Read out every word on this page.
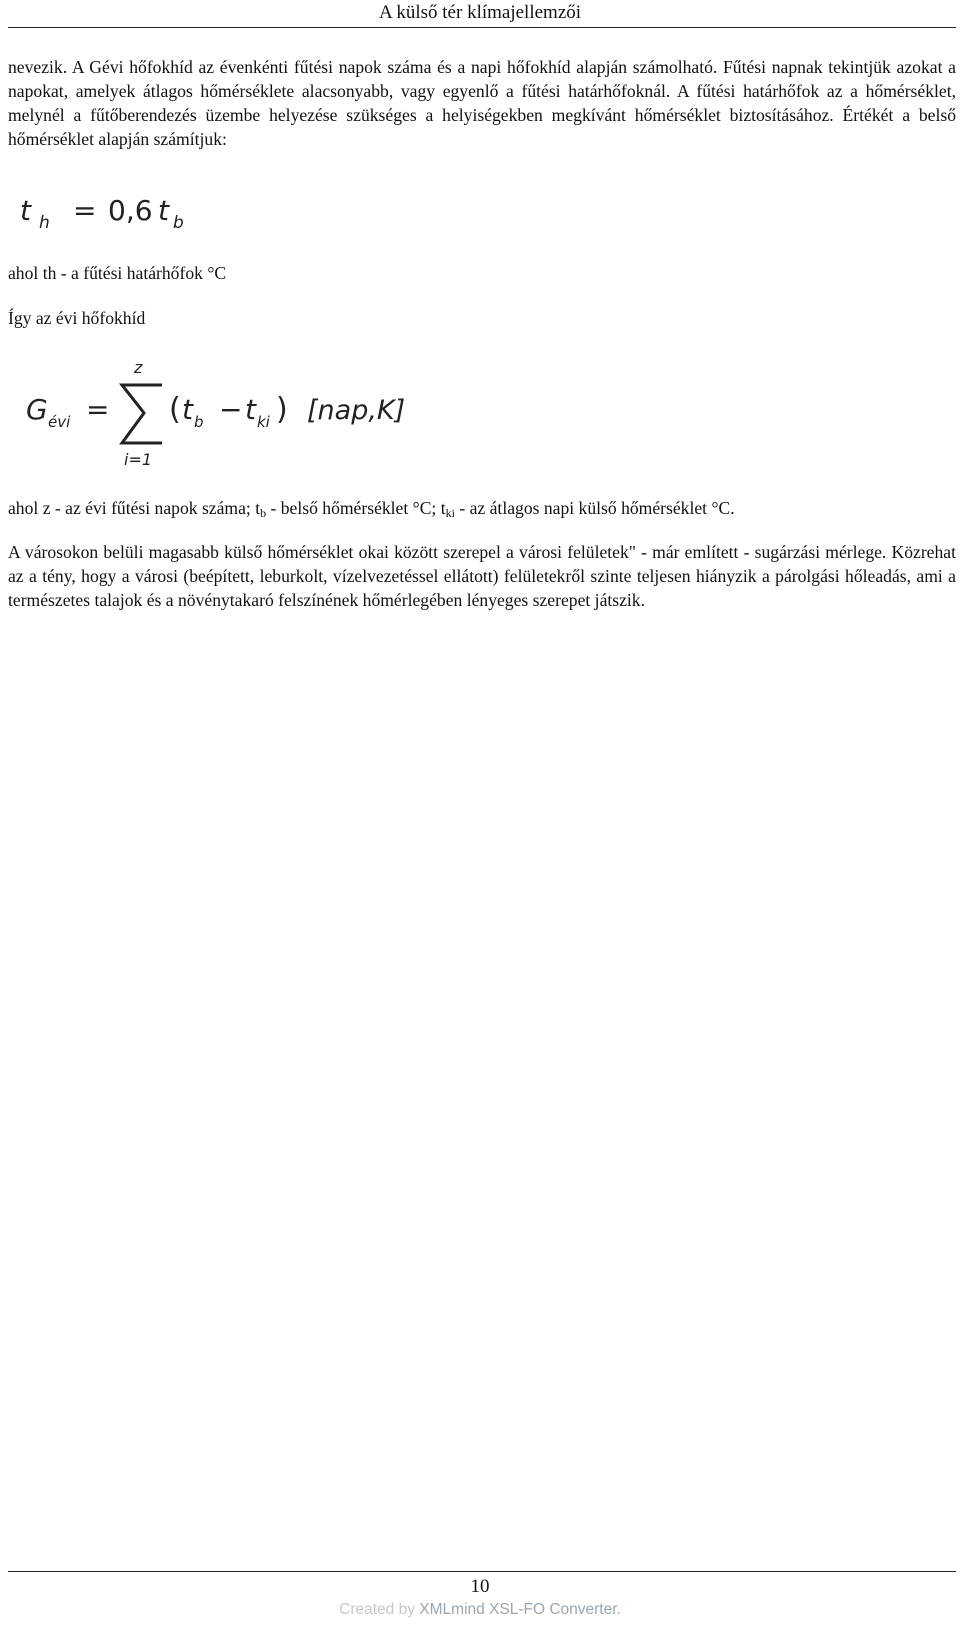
A külső tér klímajellemzői

nevezik. A Gévi hőfokhíd az évenkénti fűtési napok száma és a napi hőfokhíd alapján számolható. Fűtési napnak tekintjük azokat a napokat, amelyek átlagos hőmérséklete alacsonyabb, vagy egyenlő a fűtési határhőfoknál. A fűtési határhőfok az a hőmérséklet, melynél a fűtőberendezés üzembe helyezése szükséges a helyiségekben megkívánt hőmérséklet biztosításához. Értékét a belső hőmérséklet alapján számítjuk:

t h = 0,6 t b

ahol th - a fűtési határhőfok °C

Így az évi hőfokhíd

G évi =
z
i=1
( t b − t ki ) [nap,K]

ahol z - az évi fűtési napok száma; tb - belső hőmérséklet °C; tki - az átlagos napi külső hőmérséklet °C.

A városokon belüli magasabb külső hőmérséklet okai között szerepel a városi felületek" - már említett - sugárzási mérlege. Közrehat az a tény, hogy a városi (beépített, leburkolt, vízelvezetéssel ellátott) felületekről szinte teljesen hiányzik a párolgási hőleadás, ami a természetes talajok és a növénytakaró felszínének hőmérlegében lényeges szerepet játszik.

10
Created by XMLmind XSL-FO Converter.
